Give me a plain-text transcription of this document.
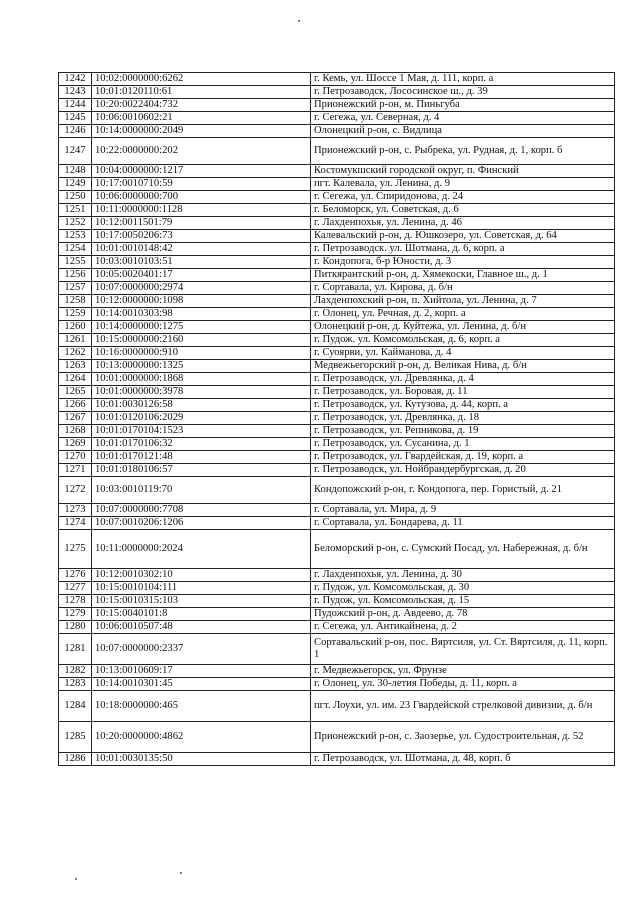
1242	10:02:0000000:6262	г. Кемь, ул. Шоссе 1 Мая, д. 111, корп. а
1243	10:01:0120110:61	г. Петрозаводск, Лососинское ш., д. 39
1244	10:20:0022404:732	Прионежский р-он, м. Пиньгуба
1245	10:06:0010602:21	г. Сегежа, ул. Северная, д. 4
1246	10:14:0000000:2049	Олонецкий р-он, с. Видлица
1247	10:22:0000000:202	Прионежский р-он, с. Рыбрека, ул. Рудная, д. 1, корп. б
1248	10:04:0000000:1217	Костомукшский городской округ, п. Финский
1249	10:17:0010710:59	пгт. Калевала, ул. Ленина, д. 9
1250	10:06:0000000:700	г. Сегежа, ул. Спиридонова, д. 24
1251	10:11:0000000:1128	г. Беломорск, ул. Советская, д. 6
1252	10:12:0011501:79	г. Лахденпохья, ул. Ленина, д. 46
1253	10:17:0050206:73	Калевальский р-он, д. Юшкозеро, ул. Советская, д. 64
1254	10:01:0010148:42	г. Петрозаводск. ул. Шотмана, д. 6, корп. а
1255	10:03:0010103:51	г. Кондопога, б-р Юности, д. 3
1256	10:05:0020401:17	Питкярантский р-он, д. Хямекоски, Главное ш., д. 1
1257	10:07:0000000:2974	г. Сортавала, ул. Кирова, д. б/н
1258	10:12:0000000:1098	Лахденпохский р-он, п. Хийтола, ул. Ленина, д. 7
1259	10:14:0010303:98	г. Олонец, ул. Речная, д. 2, корп. а
1260	10:14:0000000:1275	Олонецкий р-он, д. Куйтежа, ул. Ленина, д. б/н
1261	10:15:0000000:2160	г. Пудож. ул. Комсомольская, д. 6, корп. а
1262	10:16:0000000:910	г. Суоярви, ул. Кайманова, д. 4
1263	10:13:0000000:1325	Медвежьегорский р-он, д. Великая Нива, д. б/н
1264	10:01:0000000:1868	г. Петрозаводск, ул. Древлянка, д. 4
1265	10:01:0000000:3978	г. Петрозаводск, ул. Боровая, д. 11
1266	10:01:0030126:58	г. Петрозаводск, ул. Кутузова, д. 44, корп. а
1267	10:01:0120106:2029	г. Петрозаводск, ул. Древлянка, д. 18
1268	10:01:0170104:1523	г. Петрозаводск, ул. Репникова, д. 19
1269	10:01:0170106:32	г. Петрозаводск, ул. Сусанина, д. 1
1270	10:01:0170121:48	г. Петрозаводск, ул. Гвардейская, д. 19, корп. а
1271	10:01:0180106:57	г. Петрозаводск, ул. Нойбрандербургская, д. 20
1272	10:03:0010119:70	Кондопожский р-он, г. Кондопога, пер. Гористый, д. 21
1273	10:07:0000000:7708	г. Сортавала, ул. Мира, д. 9
1274	10:07:0010206:1206	г. Сортавала, ул. Бондарева, д. 11
1275	10:11:0000000:2024	Беломорский р-он, с. Сумский Посад, ул. Набережная, д. б/н
1276	10:12:0010302:10	г. Лахденпохья, ул. Ленина, д. 30
1277	10:15:0010104:111	г. Пудож, ул. Комсомольская, д. 30
1278	10:15:0010315:103	г. Пудож, ул. Комсомольская, д. 15
1279	10:15:0040101:8	Пудожский р-он, д. Авдеево, д. 78
1280	10:06:0010507:48	г. Сегежа, ул. Антикайнена, д. 2
1281	10:07:0000000:2337	Сортавальский р-он, пос. Вяртсиля, ул. Ст. Вяртсиля, д. 11, корп. 1
1282	10:13:0010609:17	г. Медвежьегорск, ул. Фрунзе
1283	10:14:0010301:45	г. Олонец, ул. 30-летия Победы, д. 11, корп. а
1284	10:18:0000000:465	пгт. Лоухи, ул. им. 23 Гвардейской стрелковой дивизии, д. б/н
1285	10:20:0000000:4862	Прионежский р-он, с. Заозерье, ул. Судостроительная, д. 52
1286	10:01:0030135:50	г. Петрозаводск, ул. Шотмана, д. 48, корп. б
